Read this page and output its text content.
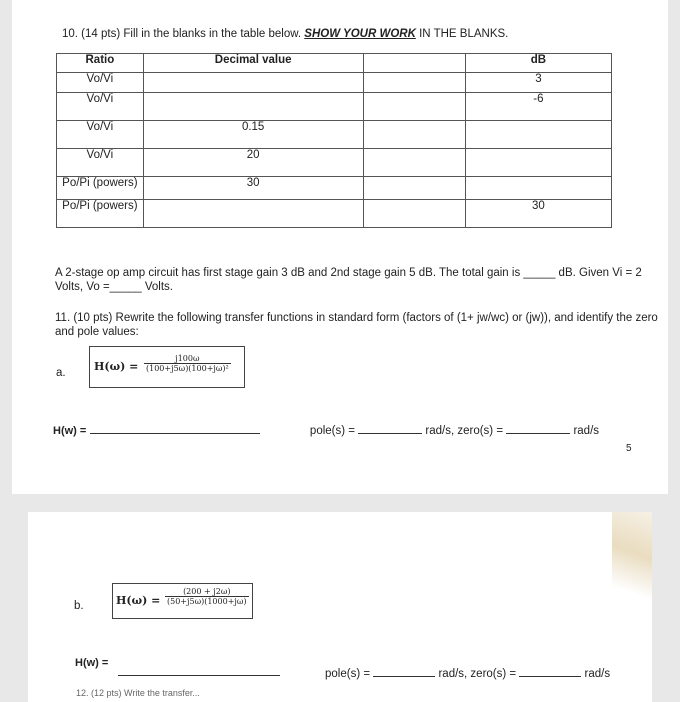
10. (14 pts) Fill in the blanks in the table below. SHOW YOUR WORK IN THE BLANKS.
Ratio	Decimal value		dB
Vo/Vi			3
Vo/Vi			-6
Vo/Vi	0.15		
Vo/Vi	20		
Po/Pi (powers)	30		
Po/Pi (powers)			30
A 2-stage op amp circuit has first stage gain 3 dB and 2nd stage gain 5 dB. The total gain is _____ dB. Given Vi = 2
Volts, Vo =_____ Volts.
11. (10 pts) Rewrite the following transfer functions in standard form (factors of (1+ jw/wc) or (jw)), and identify the zero
and pole values:
a.	$H(\omega) = \frac{j100\omega}{\text{(100+j5ω)(100+jω)²}}$
H(w) =	pole(s) =	rad/s, zero(s) =	rad/s
5
b.	$H(\omega) = \frac{(200 + j2\omega)}{(50+j5\omega)(1000+j\omega)}$
H(w) =
pole(s) =	rad/s, zero(s) =	rad/s
12. (12 pts) Write the transfer...
